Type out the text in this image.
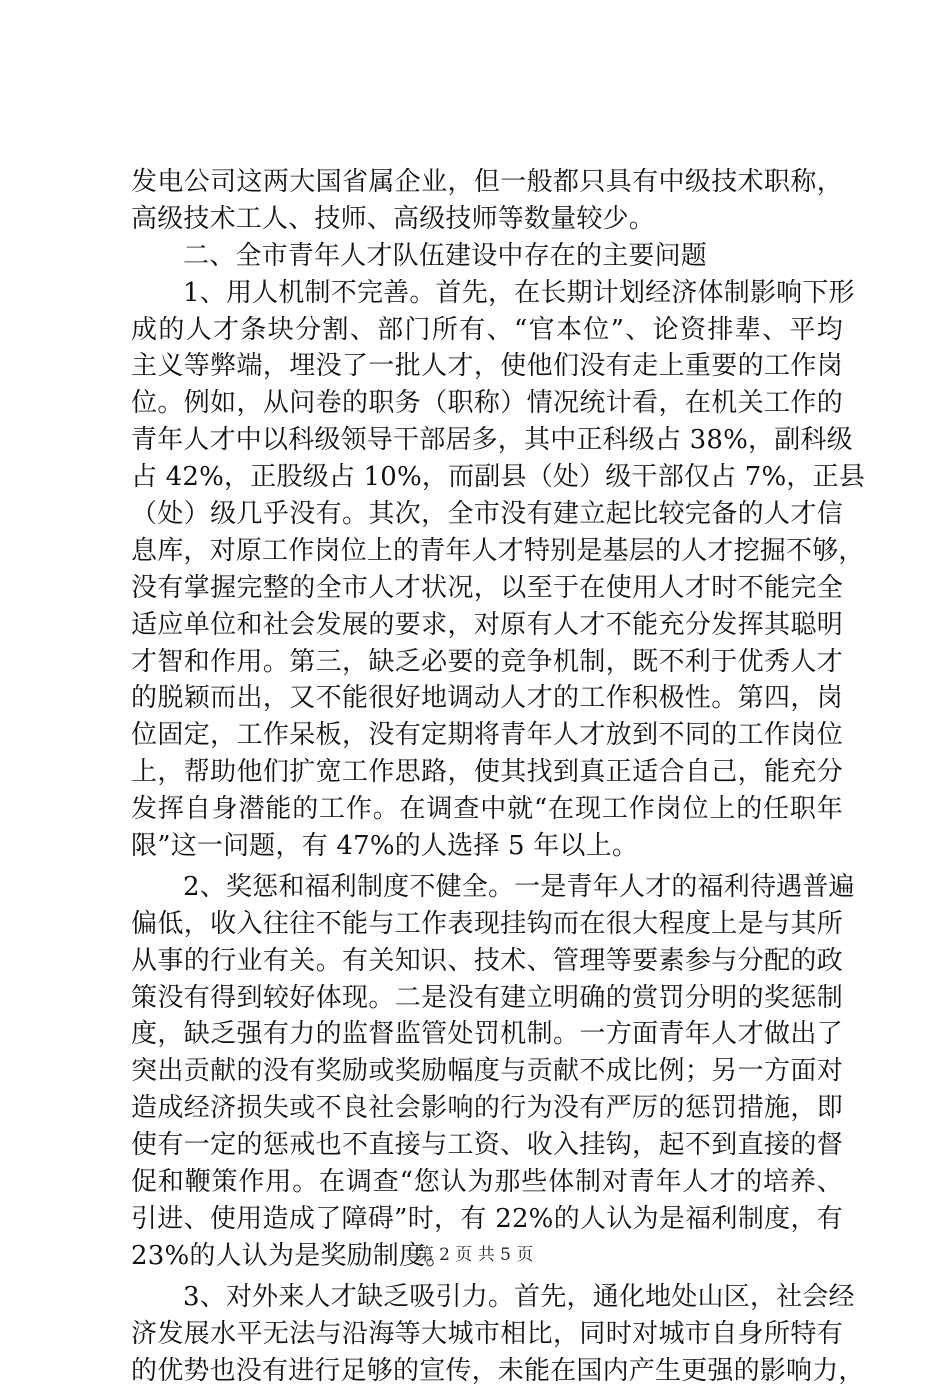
发电公司这两大国省属企业，但一般都只具有中级技术职称，
高级技术工人、技师、高级技师等数量较少。
二、全市青年人才队伍建设中存在的主要问题
1、用人机制不完善。首先，在长期计划经济体制影响下形
成的人才条块分割、部门所有、“官本位”、论资排辈、平均
主义等弊端，埋没了一批人才，使他们没有走上重要的工作岗
位。例如，从问卷的职务（职称）情况统计看，在机关工作的
青年人才中以科级领导干部居多，其中正科级占 38%，副科级
占 42%，正股级占 10%，而副县（处）级干部仅占 7%，正县
（处）级几乎没有。其次，全市没有建立起比较完备的人才信
息库，对原工作岗位上的青年人才特别是基层的人才挖掘不够，
没有掌握完整的全市人才状况，以至于在使用人才时不能完全
适应单位和社会发展的要求，对原有人才不能充分发挥其聪明
才智和作用。第三，缺乏必要的竞争机制，既不利于优秀人才
的脱颖而出，又不能很好地调动人才的工作积极性。第四，岗
位固定，工作呆板，没有定期将青年人才放到不同的工作岗位
上，帮助他们扩宽工作思路，使其找到真正适合自己，能充分
发挥自身潜能的工作。在调查中就“在现工作岗位上的任职年
限”这一问题，有 47%的人选择 5 年以上。
2、奖惩和福利制度不健全。一是青年人才的福利待遇普遍
偏低，收入往往不能与工作表现挂钩而在很大程度上是与其所
从事的行业有关。有关知识、技术、管理等要素参与分配的政
策没有得到较好体现。二是没有建立明确的赏罚分明的奖惩制
度，缺乏强有力的监督监管处罚机制。一方面青年人才做出了
突出贡献的没有奖励或奖励幅度与贡献不成比例；另一方面对
造成经济损失或不良社会影响的行为没有严厉的惩罚措施，即
使有一定的惩戒也不直接与工资、收入挂钩，起不到直接的督
促和鞭策作用。在调查“您认为那些体制对青年人才的培养、
引进、使用造成了障碍”时，有 22%的人认为是福利制度，有
23%的人认为是奖励制度。
3、对外来人才缺乏吸引力。首先，通化地处山区，社会经
济发展水平无法与沿海等大城市相比，同时对城市自身所特有
的优势也没有进行足够的宣传，未能在国内产生更强的影响力，
第 2 页 共 5 页
